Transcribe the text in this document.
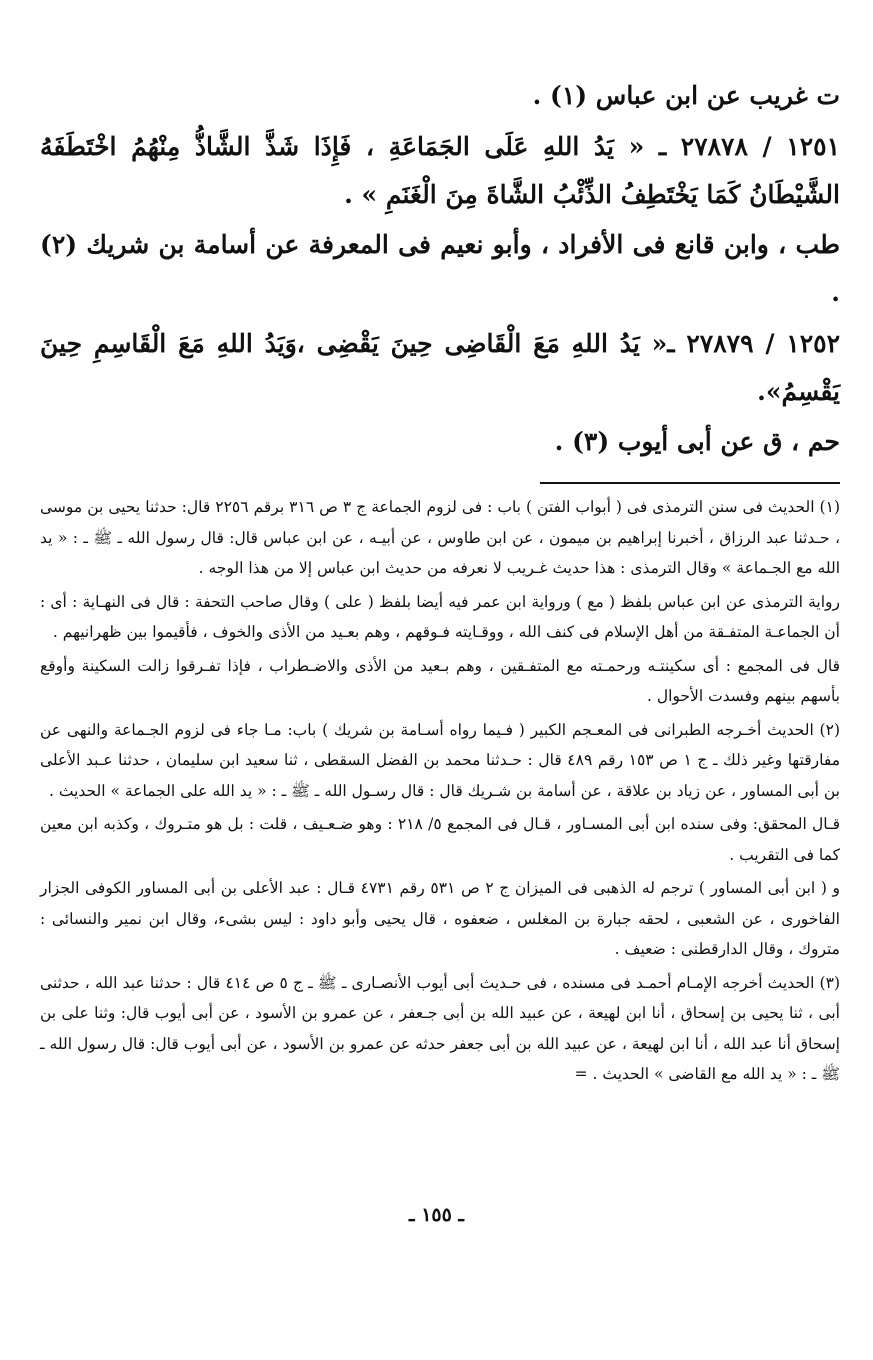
ت غريب عن ابن عباس (١) .

١٢٥١ / ٢٧٨٧٨ ـ « يَدُ اللهِ عَلَى الجَمَاعَةِ ، فَإِذَا شَذَّ الشَّاذُّ مِنْهُمُ اخْتَطَفَهُ الشَّيْطَانُ كَمَا يَخْتَطِفُ الذِّئْبُ الشَّاةَ مِنَ الْغَنَمِ » .

طب ، وابن قانع فى الأفراد ، وأبو نعيم فى المعرفة عن أسامة بن شريك (٢) .

١٢٥٢ / ٢٧٨٧٩ ـ« يَدُ اللهِ مَعَ الْقَاضِى حِينَ يَقْضِى ،وَيَدُ اللهِ مَعَ الْقَاسِمِ حِينَ يَقْسِمُ».

حم ، ق عن أبى أيوب (٣) .

(١) الحديث فى سنن الترمذى فى ( أبواب الفتن ) باب : فى لزوم الجماعة ج ٣ ص ٣١٦ برقم ٢٢٥٦ قال: حدثنا يحيى بن موسى ، حـدثنا عبد الرزاق ، أخبرنا إبراهيم بن ميمون ، عن ابن طاوس ، عن أبيـه ، عن ابن عباس قال: قال رسول الله ـ ﷺ ـ : « يد الله مع الجـماعة » وقال الترمذى : هذا حديث غـريب لا نعرفه من حديث ابن عباس إلا من هذا الوجه .

رواية الترمذى عن ابن عباس بلفظ ( مع ) ورواية ابن عمر فيه أيضا بلفظ ( على ) وقال صاحب التحفة : قال فى النهـاية : أى : أن الجماعـة المتفـقة من أهل الإسلام فى كنف الله ، ووقـايته فـوقهم ، وهم بعـيد من الأذى والخوف ، فأقيموا بين ظهرانيهم .

قال فى المجمع : أى سكينتـه ورحمـته مع المتفـقين ، وهم بـعيد من الأذى والاضـطراب ، فإذا تفـرقوا زالت السكينة وأوقع بأسهم بينهم وفسدت الأحوال .

(٢) الحديث أخـرجه الطبرانى فى المعـجم الكبير ( فـيما رواه أسـامة بن شريك ) باب: مـا جاء فى لزوم الجـماعة والنهى عن مفارقتها وغير ذلك ـ ج ١ ص ١٥٣ رقم ٤٨٩ قال : حـدثنا محمد بن الفضل السقطى ، ثنا سعيد ابن سليمان ، حدثنا عـبد الأعلى بن أبى المساور ، عن زياد بن علاقة ، عن أسامة بن شـريك قال : قال رسـول الله ـ ﷺ ـ : « يد الله على الجماعة » الحديث .

قـال المحقق: وفى سنده ابن أبى المسـاور ، قـال فى المجمع ٥/ ٢١٨ : وهو ضـعـيف ، قلت : بل هو متـروك ، وكذبه ابن معين كما فى التقريب .

و ( ابن أبى المساور ) ترجم له الذهبى فى الميزان ج ٢ ص ٥٣١ رقم ٤٧٣١ قـال : عبد الأعلى بن أبى المساور الكوفى الجزار الفاخورى ، عن الشعبى ، لحقه جبارة بن المغلس ، ضعفوه ، قال يحيى وأبو داود : ليس بشىء، وقال ابن نمير والنسائى : متروك ، وقال الدارقطنى : ضعيف .

(٣) الحديث أخرجه الإمـام أحمـد فى مسنده ، فى حـديث أبى أيوب الأنصـارى ـ ﷺ ـ ج ٥ ص ٤١٤ قال : حدثنا عبد الله ، حدثنى أبى ، ثنا يحيى بن إسحاق ، أنا ابن لهيعة ، عن عبيد الله بن أبى جـعفر ، عن عمرو بن الأسود ، عن أبى أيوب قال: وثنا على بن إسحاق أنا عبد الله ، أنا ابن لهيعة ، عن عبيد الله بن أبى جعفر حدثه عن عمرو بن الأسود ، عن أبى أيوب قال: قال رسول الله ـ ﷺ ـ : « يد الله مع القاضى » الحديث . =

ـ ١٥٥ ـ
